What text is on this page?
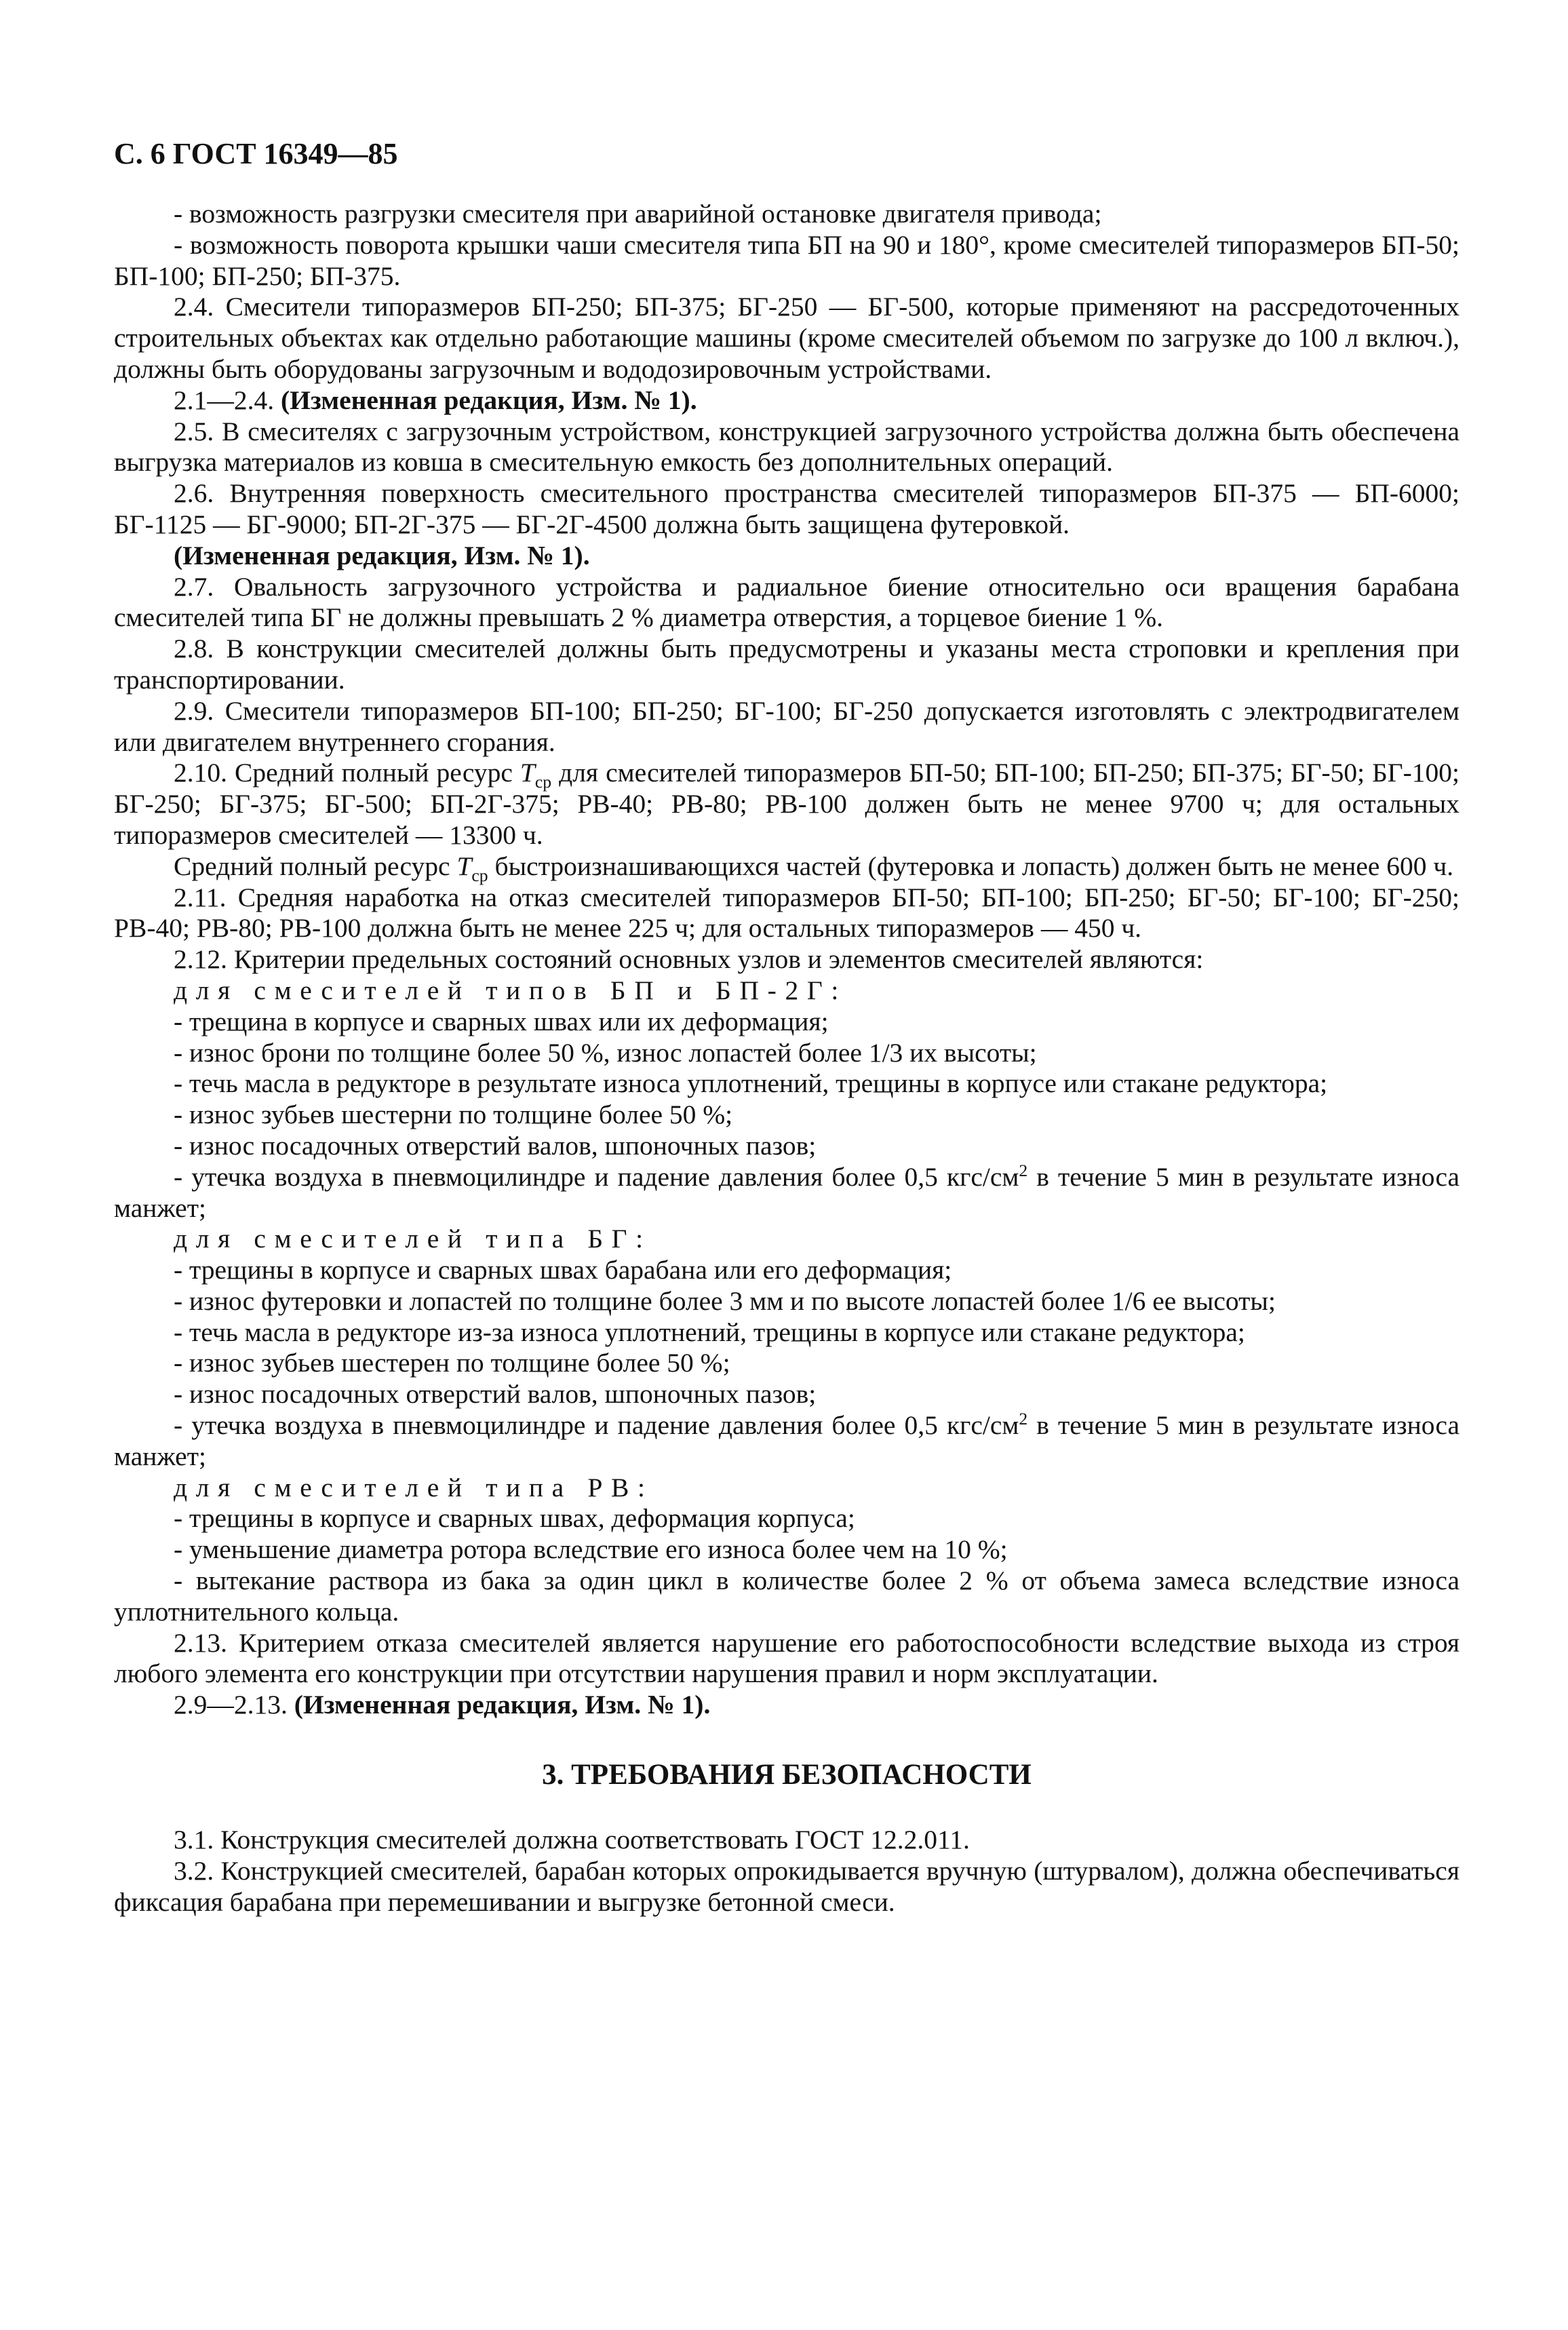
С. 6 ГОСТ 16349—85

- возможность разгрузки смесителя при аварийной остановке двигателя привода;

- возможность поворота крышки чаши смесителя типа БП на 90 и 180°, кроме смесителей типоразмеров БП-50; БП-100; БП-250; БП-375.

2.4. Смесители типоразмеров БП-250; БП-375; БГ-250 — БГ-500, которые применяют на рассредоточенных строительных объектах как отдельно работающие машины (кроме смесителей объемом по загрузке до 100 л включ.), должны быть оборудованы загрузочным и вододозировочным устройствами.

2.1—2.4. (Измененная редакция, Изм. № 1).

2.5. В смесителях с загрузочным устройством, конструкцией загрузочного устройства должна быть обеспечена выгрузка материалов из ковша в смесительную емкость без дополнительных операций.

2.6. Внутренняя поверхность смесительного пространства смесителей типоразмеров БП-375 — БП-6000; БГ-1125 — БГ-9000; БП-2Г-375 — БГ-2Г-4500 должна быть защищена футеровкой.

(Измененная редакция, Изм. № 1).

2.7. Овальность загрузочного устройства и радиальное биение относительно оси вращения барабана смесителей типа БГ не должны превышать 2 % диаметра отверстия, а торцевое биение 1 %.

2.8. В конструкции смесителей должны быть предусмотрены и указаны места строповки и крепления при транспортировании.

2.9. Смесители типоразмеров БП-100; БП-250; БГ-100; БГ-250 допускается изготовлять с электродвигателем или двигателем внутреннего сгорания.

2.10. Средний полный ресурс $T_{ср}$ для смесителей типоразмеров БП-50; БП-100; БП-250; БП-375; БГ-50; БГ-100; БГ-250; БГ-375; БГ-500; БП-2Г-375; РВ-40; РВ-80; РВ-100 должен быть не менее 9700 ч; для остальных типоразмеров смесителей — 13300 ч.

Средний полный ресурс $T_{ср}$ быстроизнашивающихся частей (футеровка и лопасть) должен быть не менее 600 ч.

2.11. Средняя наработка на отказ смесителей типоразмеров БП-50; БП-100; БП-250; БГ-50; БГ-100; БГ-250; РВ-40; РВ-80; РВ-100 должна быть не менее 225 ч; для остальных типоразмеров — 450 ч.

2.12. Критерии предельных состояний основных узлов и элементов смесителей являются:

для смесителей типов БП и БП-2Г:

- трещина в корпусе и сварных швах или их деформация;

- износ брони по толщине более 50 %, износ лопастей более 1/3 их высоты;

- течь масла в редукторе в результате износа уплотнений, трещины в корпусе или стакане редуктора;

- износ зубьев шестерни по толщине более 50 %;

- износ посадочных отверстий валов, шпоночных пазов;

- утечка воздуха в пневмоцилиндре и падение давления более 0,5 кгс/$см^2$ в течение 5 мин в результате износа манжет;

для смесителей типа БГ:

- трещины в корпусе и сварных швах барабана или его деформация;

- износ футеровки и лопастей по толщине более 3 мм и по высоте лопастей более 1/6 ее высоты;

- течь масла в редукторе из-за износа уплотнений, трещины в корпусе или стакане редуктора;

- износ зубьев шестерен по толщине более 50 %;

- износ посадочных отверстий валов, шпоночных пазов;

- утечка воздуха в пневмоцилиндре и падение давления более 0,5 кгс/$см^2$ в течение 5 мин в результате износа манжет;

для смесителей типа РВ:

- трещины в корпусе и сварных швах, деформация корпуса;

- уменьшение диаметра ротора вследствие его износа более чем на 10 %;

- вытекание раствора из бака за один цикл в количестве более 2 % от объема замеса вследствие износа уплотнительного кольца.

2.13. Критерием отказа смесителей является нарушение его работоспособности вследствие выхода из строя любого элемента его конструкции при отсутствии нарушения правил и норм эксплуатации.

2.9—2.13. (Измененная редакция, Изм. № 1).

3. ТРЕБОВАНИЯ БЕЗОПАСНОСТИ

3.1. Конструкция смесителей должна соответствовать ГОСТ 12.2.011.

3.2. Конструкцией смесителей, барабан которых опрокидывается вручную (штурвалом), должна обеспечиваться фиксация барабана при перемешивании и выгрузке бетонной смеси.
